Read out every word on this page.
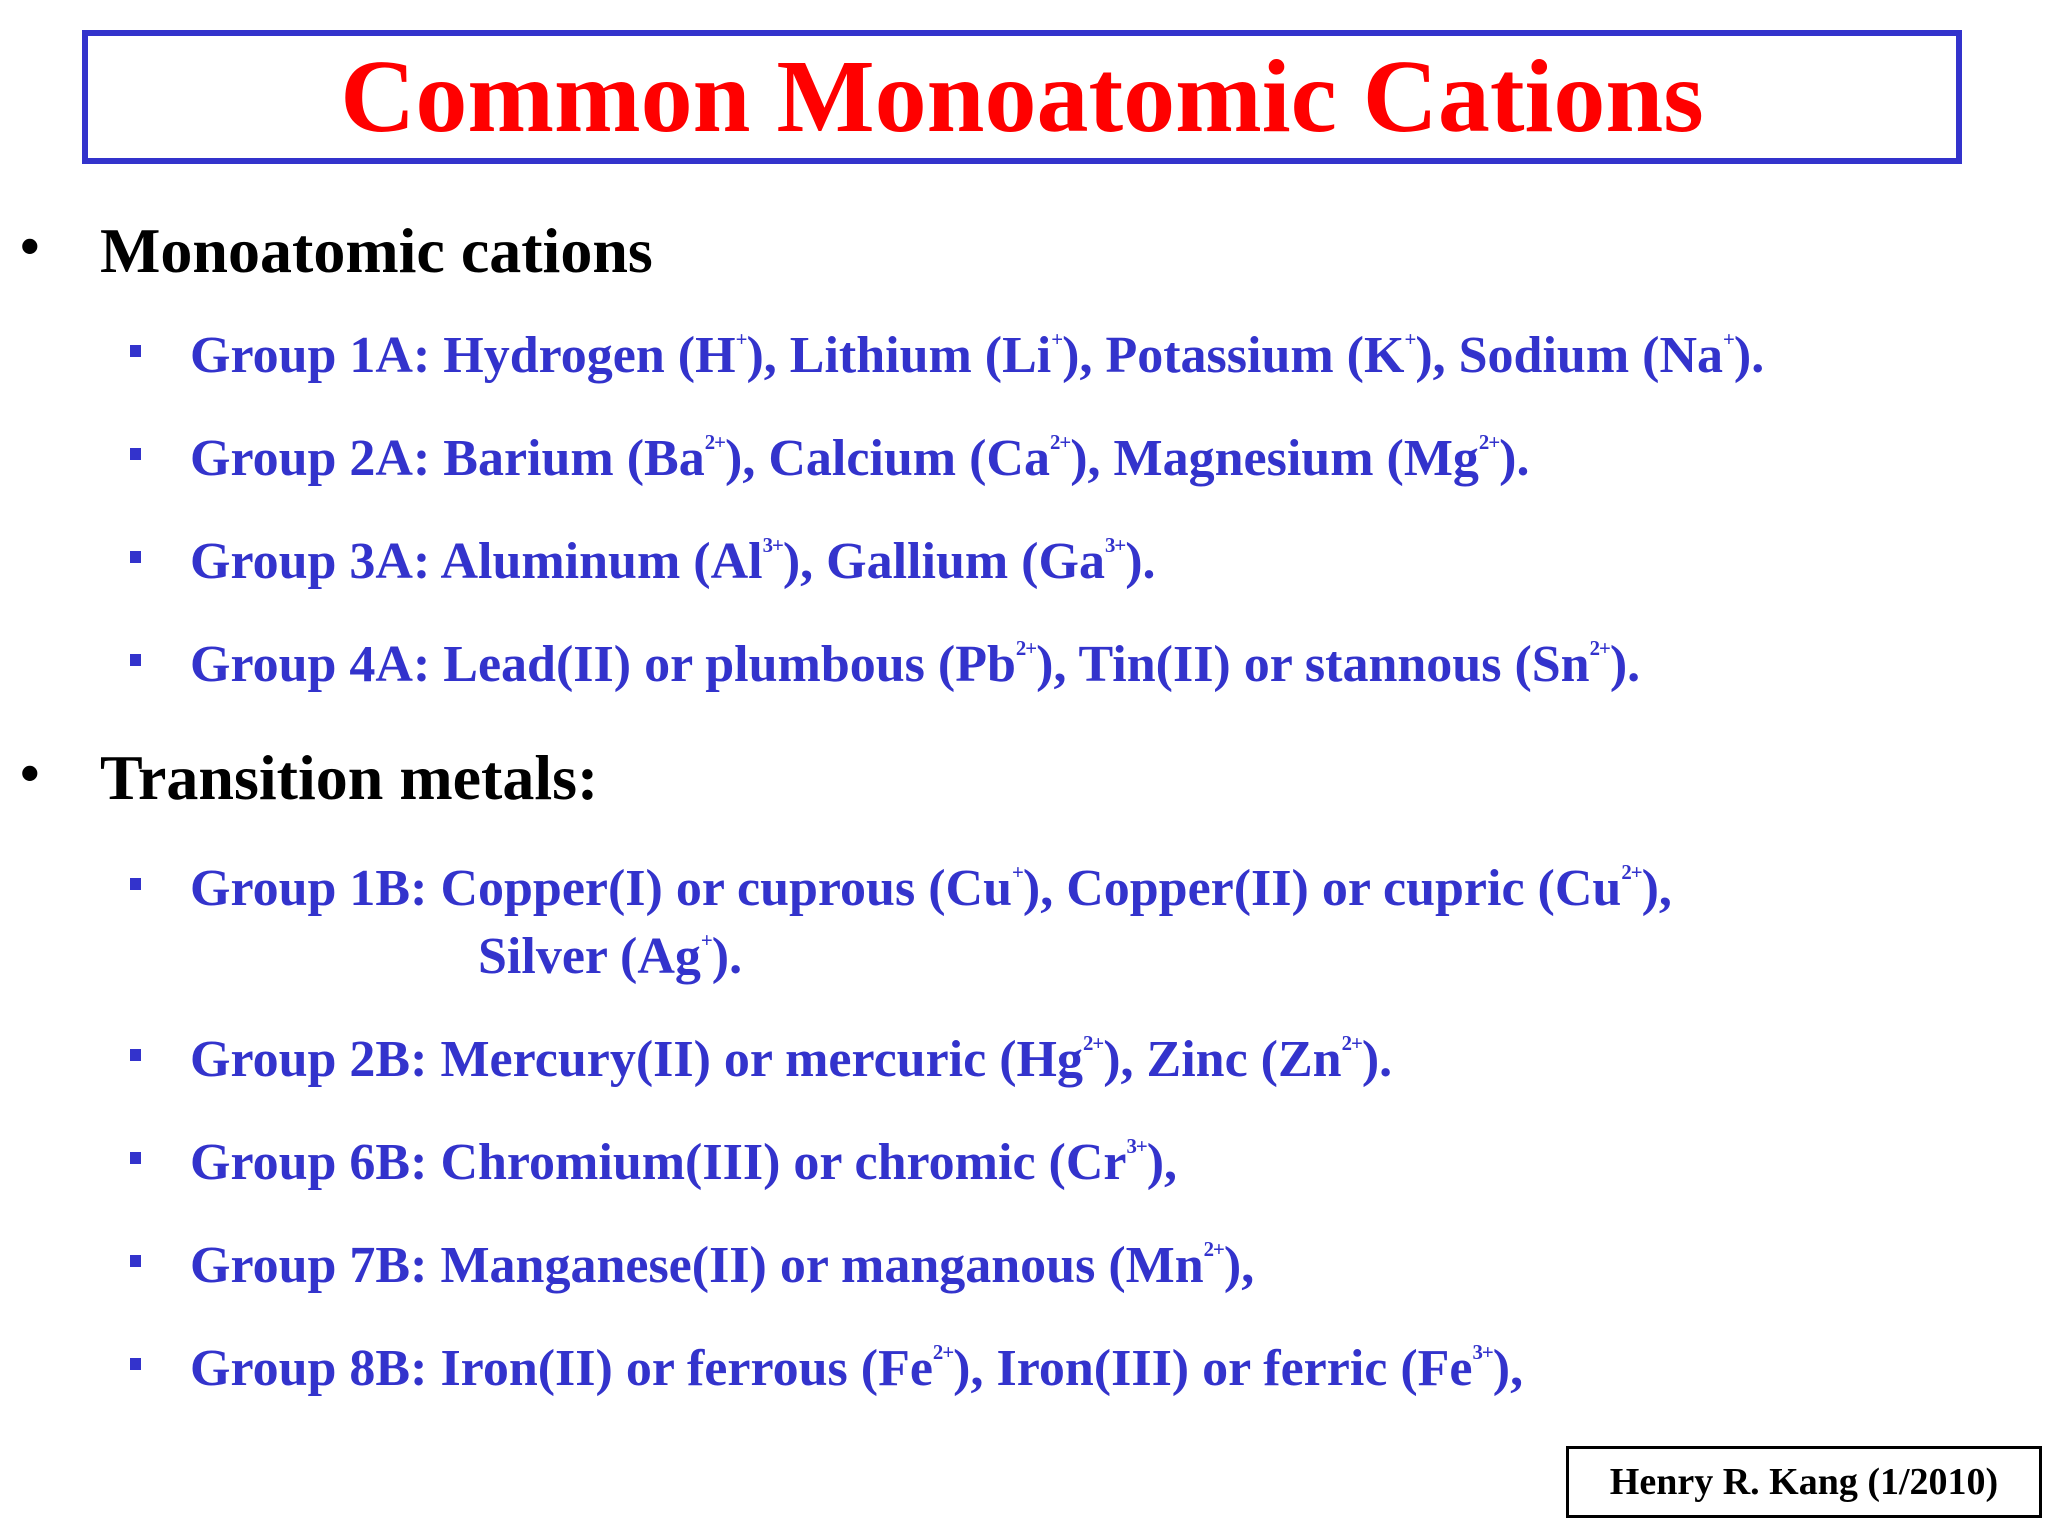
Common Monoatomic Cations
• Monoatomic cations
Group 1A: Hydrogen (H+), Lithium (Li+), Potassium (K+), Sodium (Na+).
Group 2A: Barium $(Ba^{2+})$, Calcium $(Ca^{2+})$, Magnesium $(Mg^{2+})$.
Group 3A: Aluminum $(Al^{3+})$, Gallium $(Ga^{3+})$.
Group 4A: Lead(II) or plumbous $(Pb^{2+})$, Tin(II) or stannous $(Sn^{2+})$.
• Transition metals:
Group 1B: Copper(I) or cuprous (Cu+), Copper(II) or cupric $(Cu^{2+})$,
Silver (Ag+).
Group 2B: Mercury(II) or mercuric $(Hg^{2+})$, Zinc $(Zn^{2+})$.
Group 6B: Chromium(III) or chromic $(Cr^{3+})$,
Group 7B: Manganese(II) or manganous $(Mn^{2+})$,
Group 8B: Iron(II) or ferrous $(Fe^{2+})$, Iron(III) or ferric $(Fe^{3+})$,
Henry R. Kang (1/2010)
